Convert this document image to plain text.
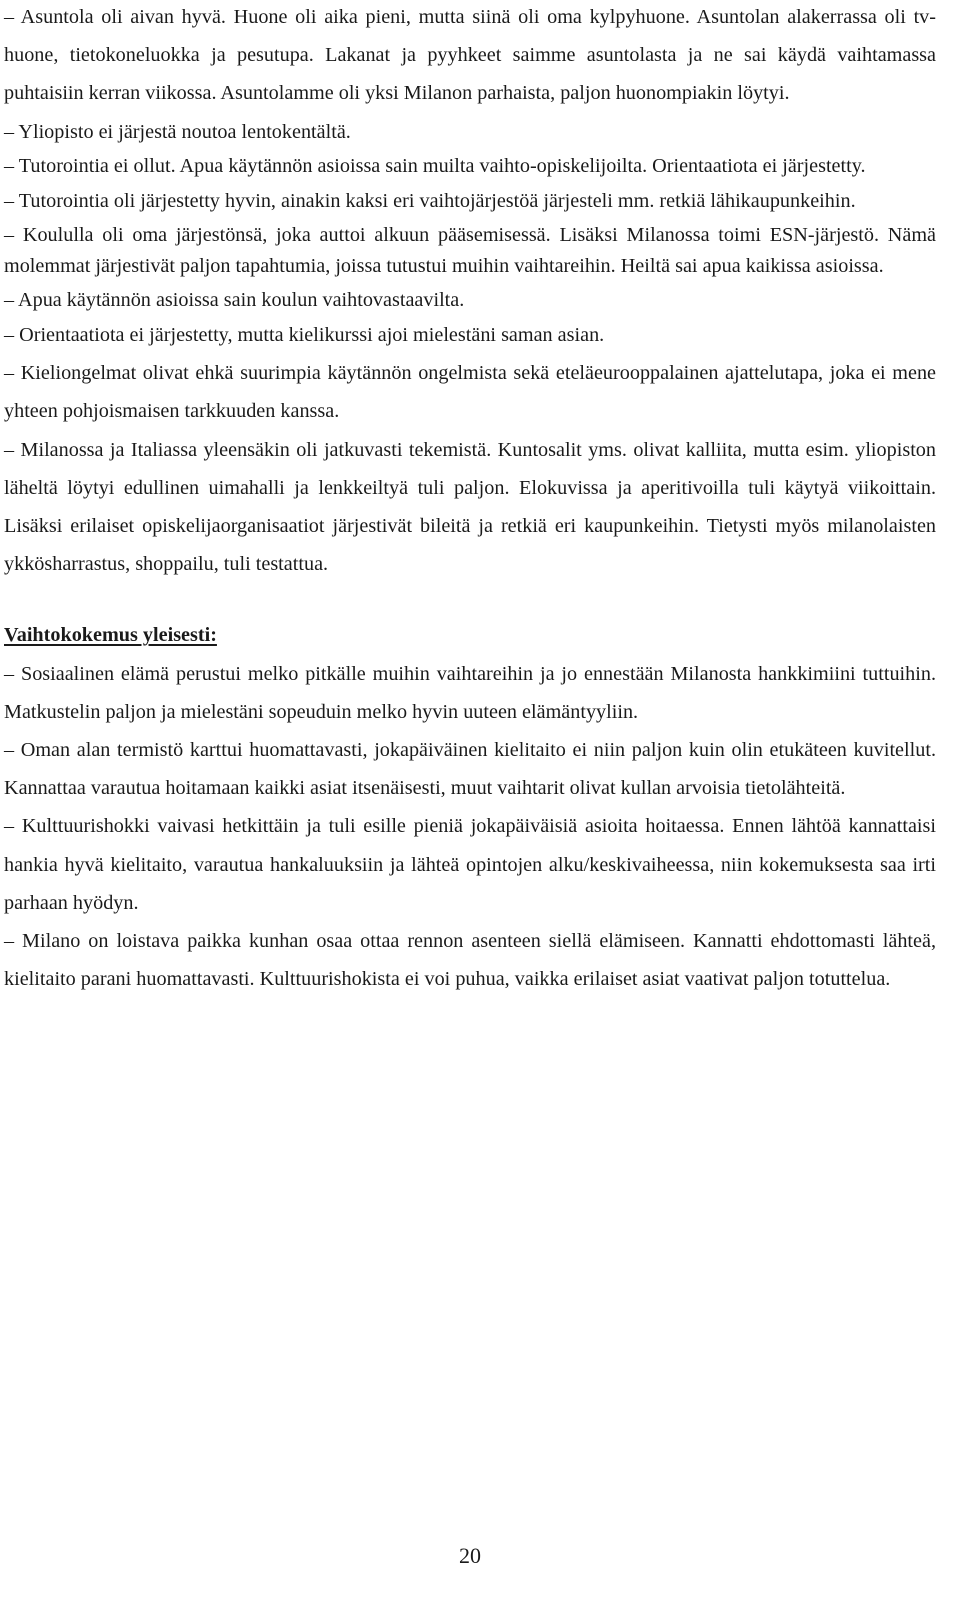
– Asuntola oli aivan hyvä. Huone oli aika pieni, mutta siinä oli oma kylpyhuone. Asuntolan alakerrassa oli tv-huone, tietokoneluokka ja pesutupa. Lakanat ja pyyhkeet saimme asuntolasta ja ne sai käydä vaihtamassa puhtaisiin kerran viikossa. Asuntolamme oli yksi Milanon parhaista, paljon huonompiakin löytyi.

– Yliopisto ei järjestä noutoa lentokentältä.

– Tutorointia ei ollut. Apua käytännön asioissa sain muilta vaihto-opiskelijoilta. Orientaatiota ei järjestetty.

– Tutorointia oli järjestetty hyvin, ainakin kaksi eri vaihtojärjestöä järjesteli mm. retkiä lähikaupunkeihin.

– Koululla oli oma järjestönsä, joka auttoi alkuun pääsemisessä. Lisäksi Milanossa toimi ESN-järjestö. Nämä molemmat järjestivät paljon tapahtumia, joissa tutustui muihin vaihtareihin. Heiltä sai apua kaikissa asioissa.

– Apua käytännön asioissa sain koulun vaihtovastaavilta.

– Orientaatiota ei järjestetty, mutta kielikurssi ajoi mielestäni saman asian.

– Kieliongelmat olivat ehkä suurimpia käytännön ongelmista sekä eteläeurooppalainen ajattelutapa, joka ei mene yhteen pohjoismaisen tarkkuuden kanssa.

– Milanossa ja Italiassa yleensäkin oli jatkuvasti tekemistä. Kuntosalit yms. olivat kalliita, mutta esim. yliopiston läheltä löytyi edullinen uimahalli ja lenkkeiltyä tuli paljon. Elokuvissa ja aperitivoilla tuli käytyä viikoittain. Lisäksi erilaiset opiskelijaorganisaatiot järjestivät bileitä ja retkiä eri kaupunkeihin. Tietysti myös milanolaisten ykkösharrastus, shoppailu, tuli testattua.

Vaihtokokemus yleisesti:

– Sosiaalinen elämä perustui melko pitkälle muihin vaihtareihin ja jo ennestään Milanosta hankkimiini tuttuihin. Matkustelin paljon ja mielestäni sopeuduin melko hyvin uuteen elämäntyyliin.

– Oman alan termistö karttui huomattavasti, jokapäiväinen kielitaito ei niin paljon kuin olin etukäteen kuvitellut. Kannattaa varautua hoitamaan kaikki asiat itsenäisesti, muut vaihtarit olivat kullan arvoisia tietolähteitä.

– Kulttuurishokki vaivasi hetkittäin ja tuli esille pieniä jokapäiväisiä asioita hoitaessa. Ennen lähtöä kannattaisi hankia hyvä kielitaito, varautua hankaluuksiin ja lähteä opintojen alku/keskivaiheessa, niin kokemuksesta saa irti parhaan hyödyn.

– Milano on loistava paikka kunhan osaa ottaa rennon asenteen siellä elämiseen. Kannatti ehdottomasti lähteä, kielitaito parani huomattavasti. Kulttuurishokista ei voi puhua, vaikka erilaiset asiat vaativat paljon totuttelua.

20
